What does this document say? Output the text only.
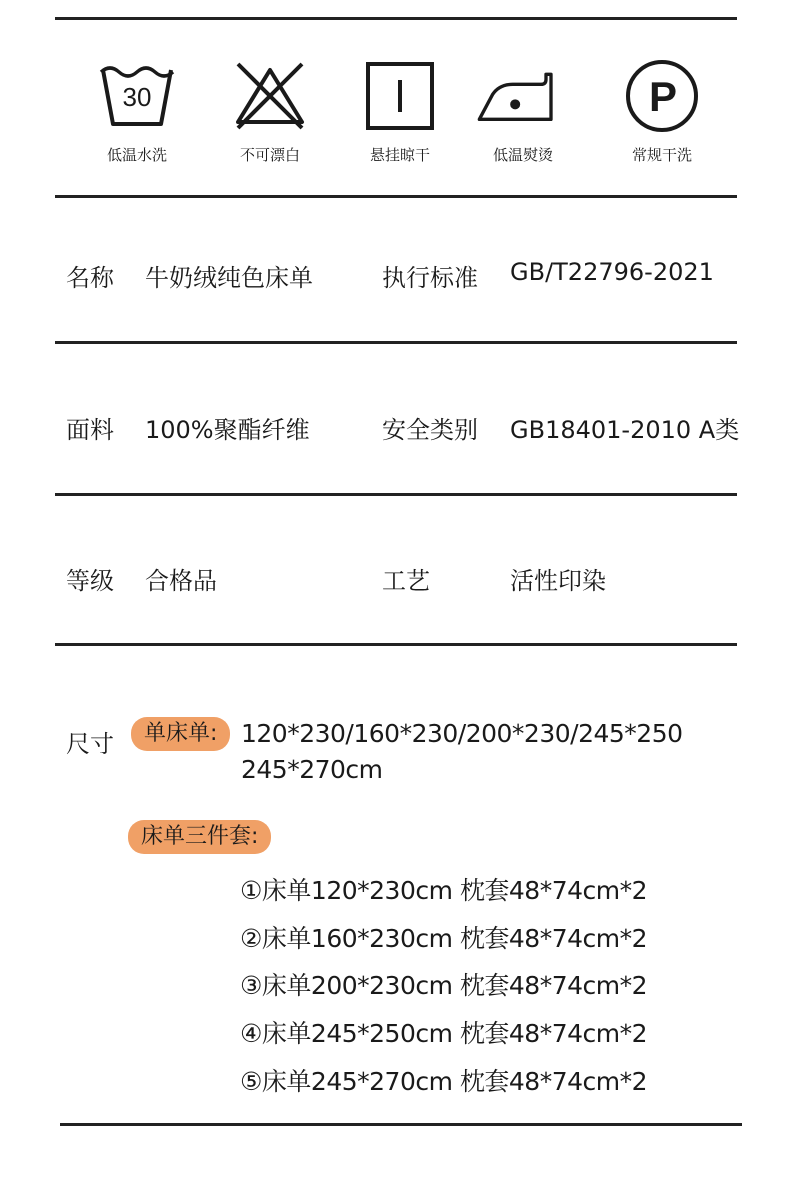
30
低温水洗	不可漂白	悬挂晾干	低温熨烫
P
常规干洗
名称 牛奶绒纯色床单	执行标准 GB/T22796-2021
面料 100%聚酯纤维	安全类别 GB18401-2010 A类
等级 合格品	工艺	活性印染
尺寸	单床单: 120*230/160*230/200*230/245*250
245*270cm
床单三件套:
①床单120*230cm 枕套48*74cm*2
②床单160*230cm 枕套48*74cm*2
③床单200*230cm 枕套48*74cm*2
④床单245*250cm 枕套48*74cm*2
⑤床单245*270cm 枕套48*74cm*2
